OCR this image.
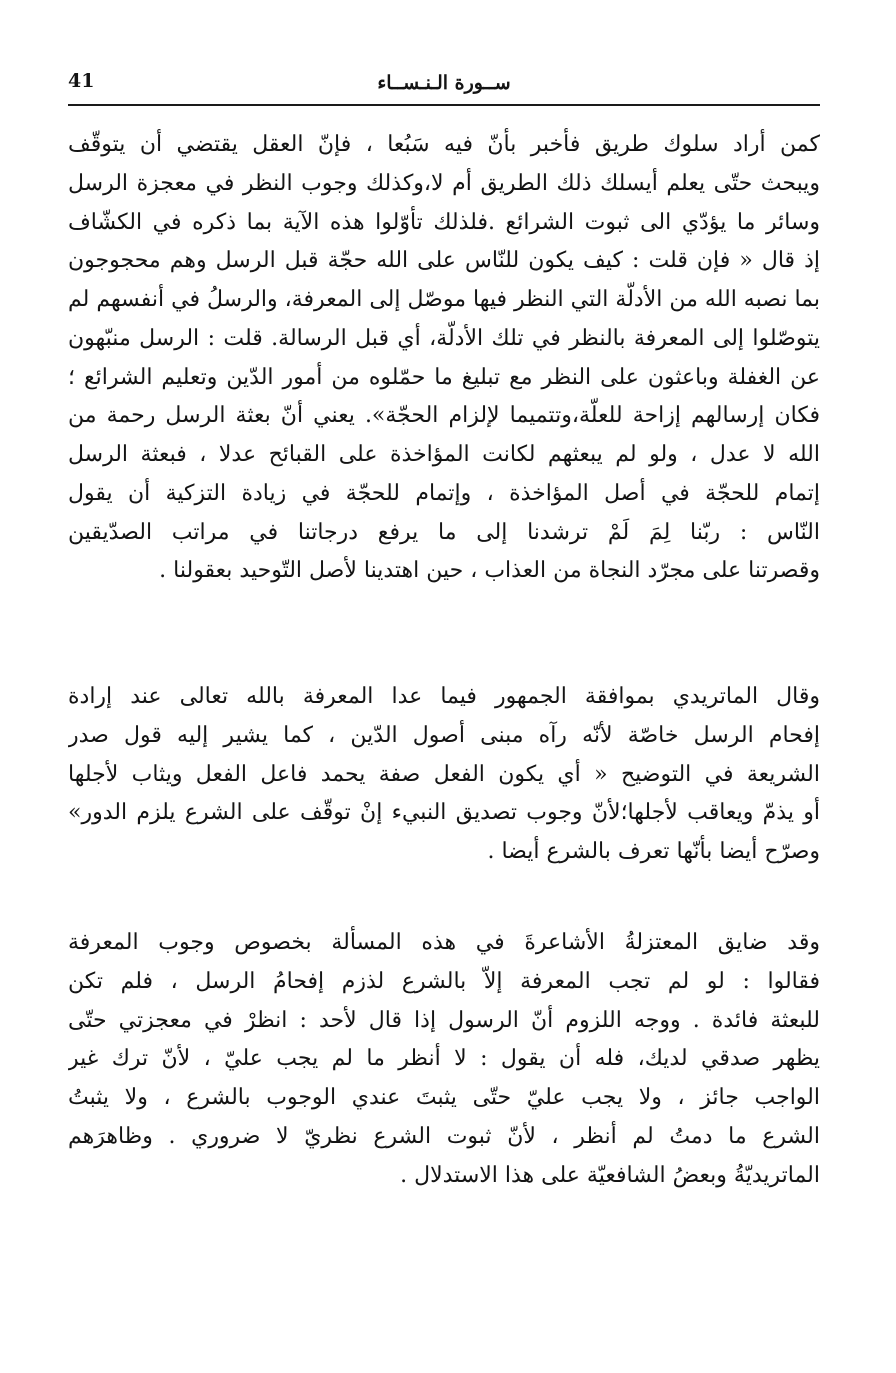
ســورة الـنـســاء
41
كمن أراد سلوك طريق فأخبر بأنّ فيه سَبُعا ، فإنّ العقل يقتضي أن يتوقّف
ويبحث حتّى يعلم أيسلك ذلك الطريق أم لا،وكذلك وجوب النظر في معجزة الرسل
وسائر ما يؤدّي الى ثبوت الشرائع .فلذلك تأوّلوا هذه الآية بما ذكره في الكشّاف
إذ قال « فإن قلت : كيف يكون للنّاس على الله حجّة قبل الرسل وهم محجوجون
بما نصبه الله من الأدلّة التي النظر فيها موصّل إلى المعرفة، والرسلُ في أنفسهم لم
يتوصّلوا إلى المعرفة بالنظر في تلك الأدلّة، أي قبل الرسالة. قلت : الرسل منبّهون
عن الغفلة وباعثون على النظر مع تبليغ ما حمّلوه من أمور الدّين وتعليم الشرائع ؛
فكان إرسالهم إزاحة للعلّة،وتتميما لإلزام الحجّة». يعني أنّ بعثة الرسل رحمة من
الله لا عدل ، ولو لم يبعثهم لكانت المؤاخذة على القبائح عدلا ، فبعثة الرسل
إتمام للحجّة في أصل المؤاخذة ، وإتمام للحجّة في زيادة التزكية أن يقول
النّاس : ربّنا لِمَ لَمْ ترشدنا إلى ما يرفع درجاتنا في مراتب الصدّيقين
وقصرتنا على مجرّد النجاة من العذاب ، حين اهتدينا لأصل التّوحيد بعقولنا .
وقال الماتريدي بموافقة الجمهور فيما عدا المعرفة بالله تعالى عند إرادة
إفحام الرسل خاصّة لأنّه رآه مبنى أصول الدّين ، كما يشير إليه قول صدر
الشريعة في التوضيح « أي يكون الفعل صفة يحمد فاعل الفعل ويثاب لأجلها
أو يذمّ ويعاقب لأجلها؛لأنّ وجوب تصديق النبيء إنْ توقّف على الشرع يلزم الدور»
وصرّح أيضا بأنّها تعرف بالشرع أيضا .
وقد ضايق المعتزلةُ الأشاعرةَ في هذه المسألة بخصوص وجوب المعرفة
فقالوا : لو لم تجب المعرفة إلاّ بالشرع لذزم إفحامُ الرسل ، فلم تكن
للبعثة فائدة . ووجه اللزوم أنّ الرسول إذا قال لأحد : انظرْ في معجزتي حتّى
يظهر صدقي لديك، فله أن يقول : لا أنظر ما لم يجب عليّ ، لأنّ ترك غير
الواجب جائز ، ولا يجب عليّ حتّى يثبتَ عندي الوجوب بالشرع ، ولا يثبتُ
الشرع ما دمتُ لم أنظر ، لأنّ ثبوت الشرع نظريّ لا ضروري . وظاهرَهم
الماتريديّةُ وبعضُ الشافعيّة على هذا الاستدلال .
